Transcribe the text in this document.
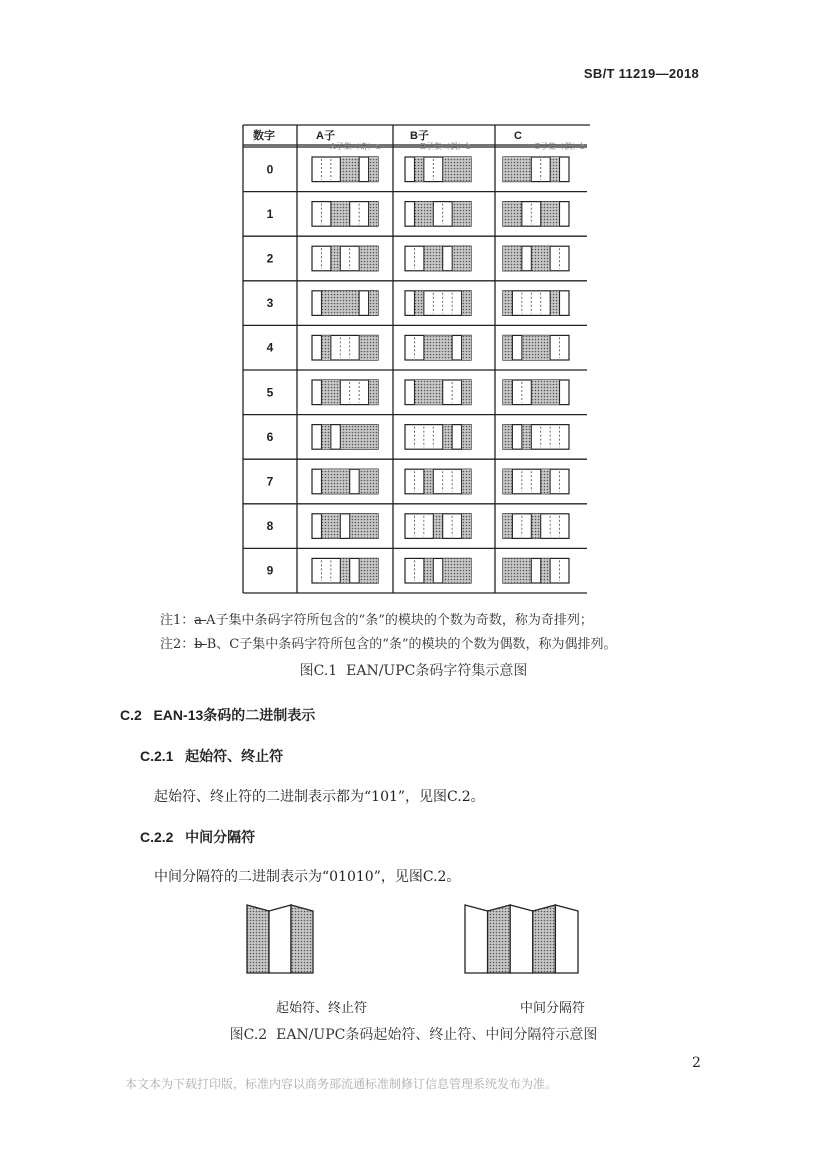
SB/T 11219—2018
数字	A子	B子	C
A子集（奇）a	B子集（偶）b	C子集（偶）b
0
1
2
3
4
5
6
7
8
9
注1：a A子集中条码字符所包含的“条”的模块的个数为奇数，称为奇排列；
注2：b B、C子集中条码字符所包含的“条”的模块的个数为偶数，称为偶排列。
图C.1  EAN/UPC条码字符集示意图
C.2 EAN-13条码的二进制表示
C.2.1 起始符、终止符
起始符、终止符的二进制表示都为“101”，见图C.2。
C.2.2 中间分隔符
中间分隔符的二进制表示为“01010”，见图C.2。
起始符、终止符	中间分隔符
图C.2  EAN/UPC条码起始符、终止符、中间分隔符示意图
2
本文本为下载打印版，标准内容以商务部流通标准制修订信息管理系统发布为准。
